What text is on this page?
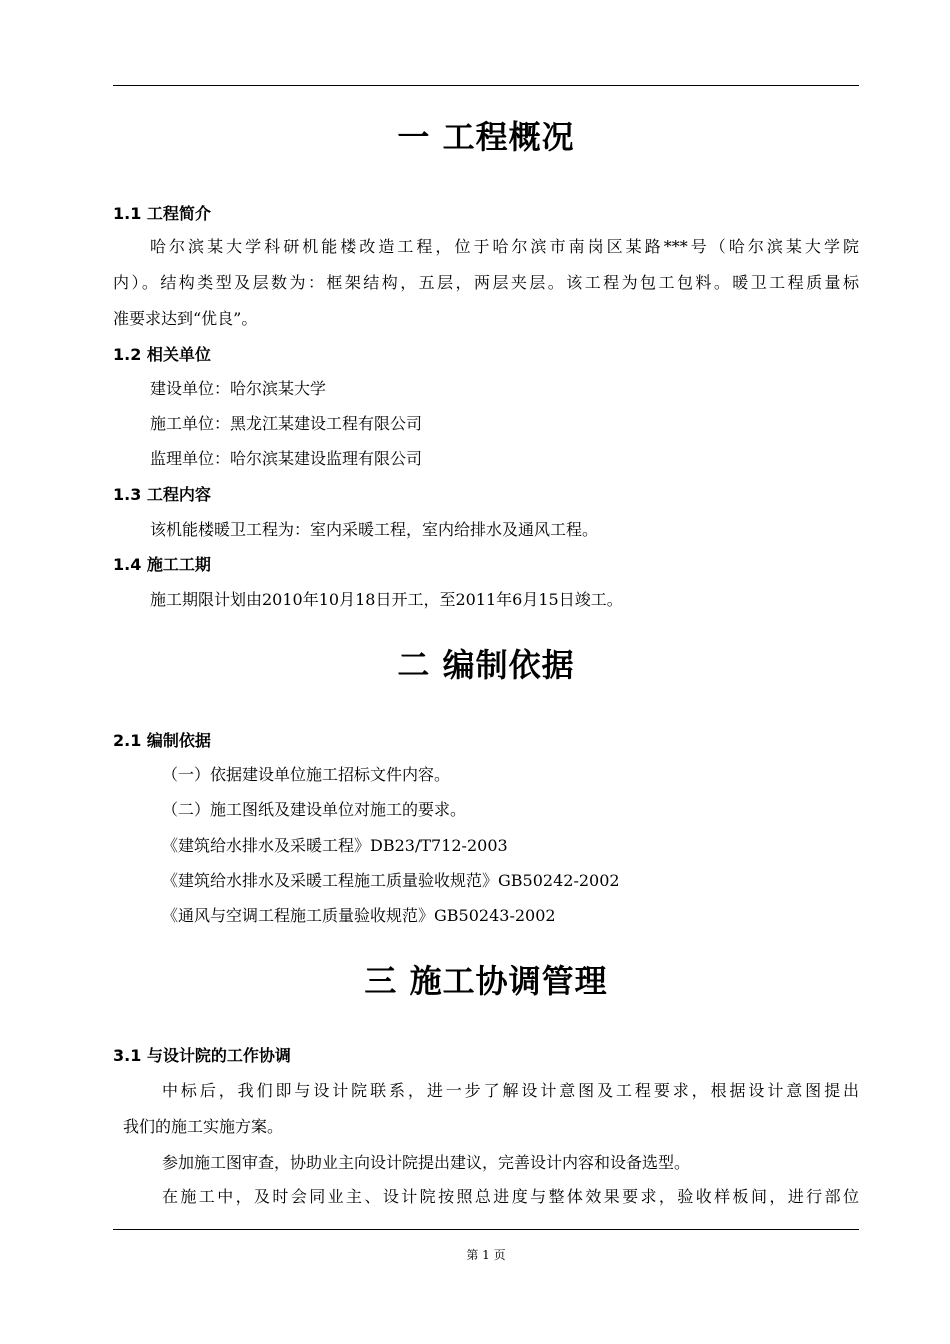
一 工程概况
1.1 工程简介
哈尔滨某大学科研机能楼改造工程，位于哈尔滨市南岗区某路***号（哈尔滨某大学院
内）。结构类型及层数为：框架结构，五层，两层夹层。该工程为包工包料。暖卫工程质量标
准要求达到“优良”。
1.2 相关单位
建设单位：哈尔滨某大学
施工单位：黑龙江某建设工程有限公司
监理单位：哈尔滨某建设监理有限公司
1.3 工程内容
该机能楼暖卫工程为：室内采暖工程，室内给排水及通风工程。
1.4 施工工期
施工期限计划由2010年10月18日开工，至2011年6月15日竣工。
二 编制依据
2.1 编制依据
（一）依据建设单位施工招标文件内容。
（二）施工图纸及建设单位对施工的要求。
《建筑给水排水及采暖工程》DB23/T712-2003
《建筑给水排水及采暖工程施工质量验收规范》GB50242-2002
《通风与空调工程施工质量验收规范》GB50243-2002
三 施工协调管理
3.1 与设计院的工作协调
中标后，我们即与设计院联系，进一步了解设计意图及工程要求，根据设计意图提出
我们的施工实施方案。
参加施工图审查，协助业主向设计院提出建议，完善设计内容和设备选型。
在施工中，及时会同业主、设计院按照总进度与整体效果要求，验收样板间，进行部位
第 1 页
